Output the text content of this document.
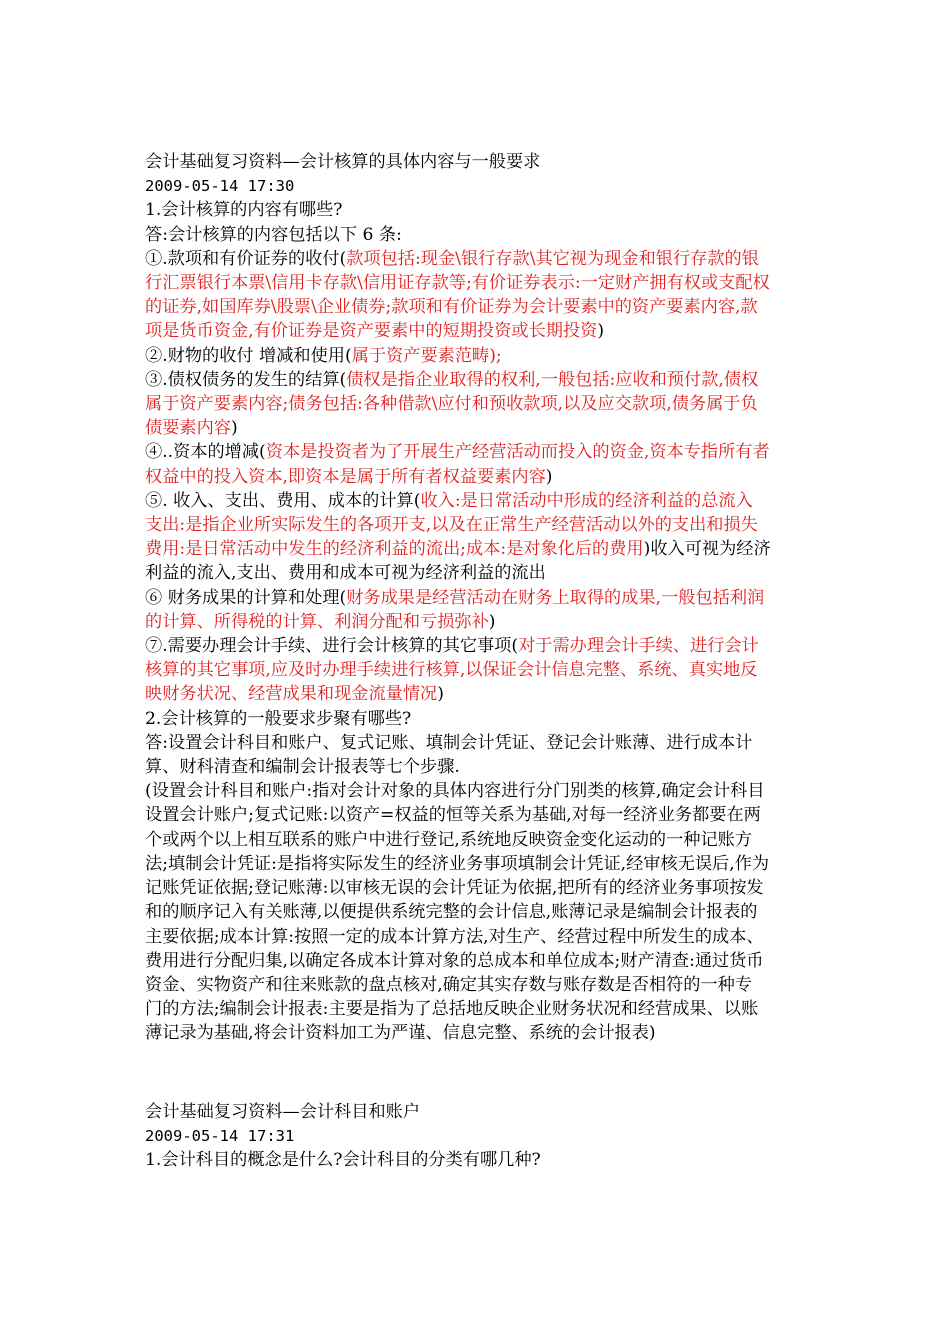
会计基础复习资料—会计核算的具体内容与一般要求
2009-05-14 17:30
1.会计核算的内容有哪些?
答:会计核算的内容包括以下 6 条:
①.款项和有价证券的收付(款项包括:现金\银行存款\其它视为现金和银行存款的银
行汇票银行本票\信用卡存款\信用证存款等;有价证券表示:一定财产拥有权或支配权
的证券,如国库券\股票\企业债券;款项和有价证券为会计要素中的资产要素内容,款
项是货币资金,有价证券是资产要素中的短期投资或长期投资)
②.财物的收付 增减和使用(属于资产要素范畴);
③.债权债务的发生的结算(债权是指企业取得的权利,一般包括:应收和预付款,债权
属于资产要素内容;债务包括:各种借款\应付和预收款项,以及应交款项,债务属于负
债要素内容)
④..资本的增减(资本是投资者为了开展生产经营活动而投入的资金,资本专指所有者
权益中的投入资本,即资本是属于所有者权益要素内容)
⑤. 收入、支出、费用、成本的计算(收入:是日常活动中形成的经济利益的总流入
支出:是指企业所实际发生的各项开支,以及在正常生产经营活动以外的支出和损失
费用:是日常活动中发生的经济利益的流出;成本:是对象化后的费用)收入可视为经济
利益的流入,支出、费用和成本可视为经济利益的流出
⑥ 财务成果的计算和处理(财务成果是经营活动在财务上取得的成果,一般包括利润
的计算、所得税的计算、利润分配和亏损弥补)
⑦.需要办理会计手续、进行会计核算的其它事项(对于需办理会计手续、进行会计
核算的其它事项,应及时办理手续进行核算,以保证会计信息完整、系统、真实地反
映财务状况、经营成果和现金流量情况)
2.会计核算的一般要求步聚有哪些?
答:设置会计科目和账户、复式记账、填制会计凭证、登记会计账薄、进行成本计
算、财科清查和编制会计报表等七个步骤.
(设置会计科目和账户:指对会计对象的具体内容进行分门别类的核算,确定会计科目
设置会计账户;复式记账:以资产=权益的恒等关系为基础,对每一经济业务都要在两
个或两个以上相互联系的账户中进行登记,系统地反映资金变化运动的一种记账方
法;填制会计凭证:是指将实际发生的经济业务事项填制会计凭证,经审核无误后,作为
记账凭证依据;登记账薄:以审核无误的会计凭证为依据,把所有的经济业务事项按发
和的顺序记入有关账薄,以便提供系统完整的会计信息,账薄记录是编制会计报表的
主要依据;成本计算:按照一定的成本计算方法,对生产、经营过程中所发生的成本、
费用进行分配归集,以确定各成本计算对象的总成本和单位成本;财产清查:通过货币
资金、实物资产和往来账款的盘点核对,确定其实存数与账存数是否相符的一种专
门的方法;编制会计报表:主要是指为了总括地反映企业财务状况和经营成果、以账
薄记录为基础,将会计资料加工为严谨、信息完整、系统的会计报表)
会计基础复习资料—会计科目和账户
2009-05-14 17:31
1.会计科目的概念是什么?会计科目的分类有哪几种?
